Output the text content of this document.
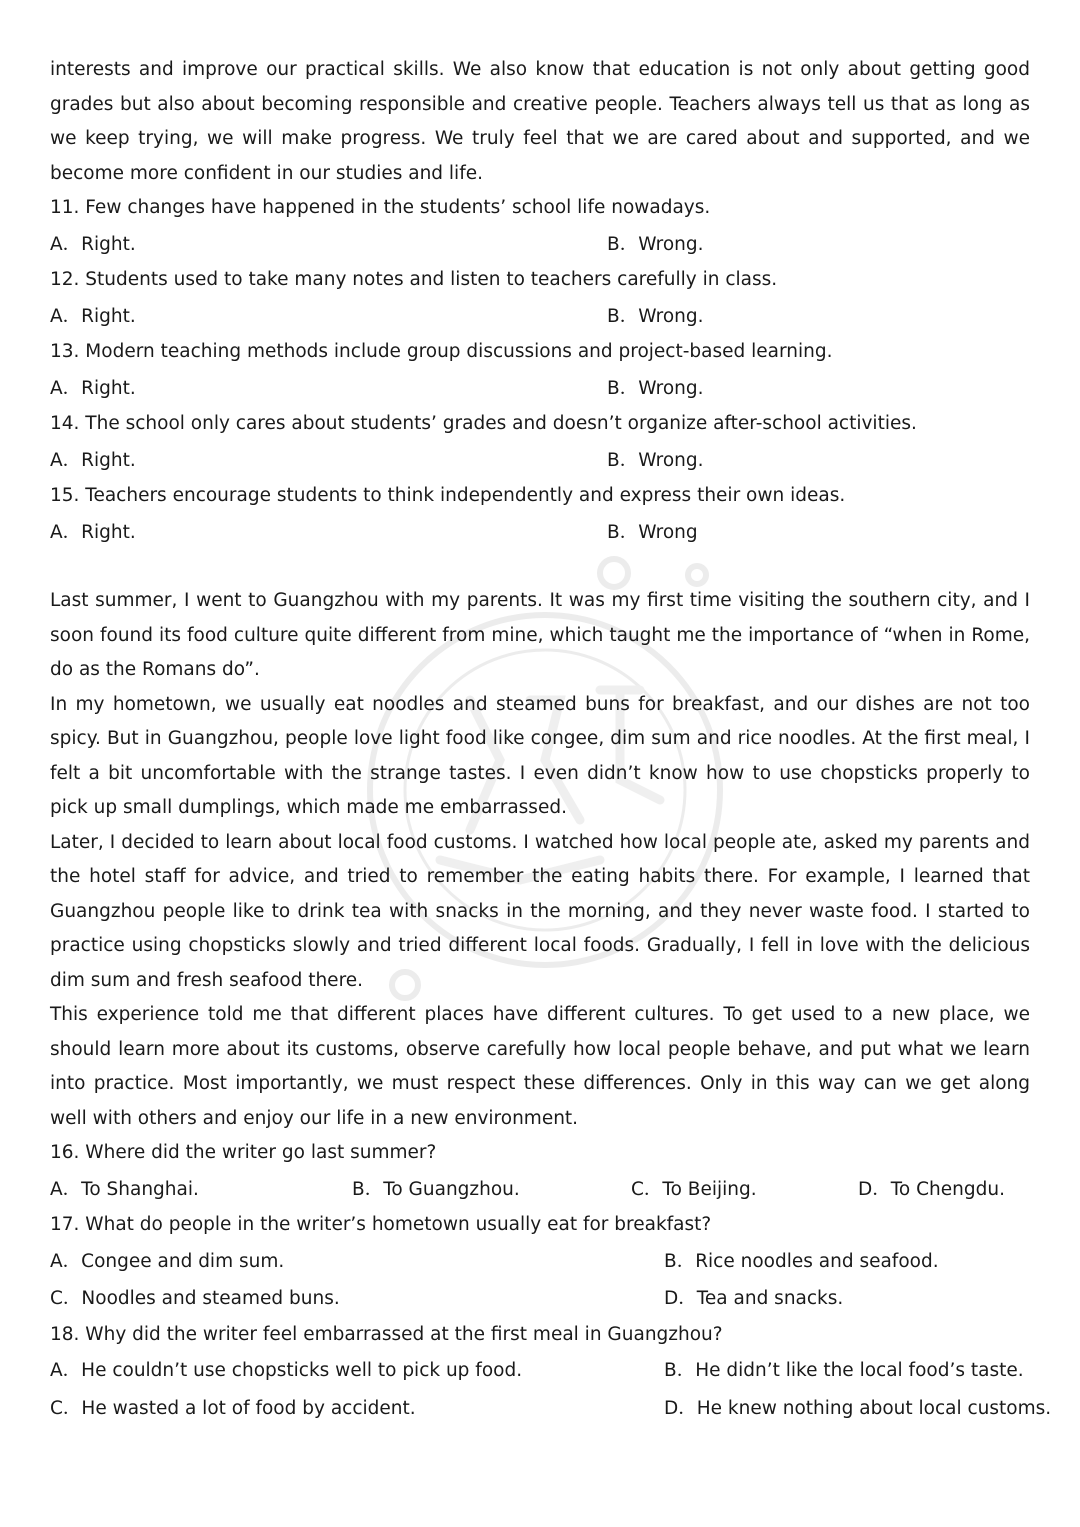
interests and improve our practical skills. We also know that education is not only about getting good grades but also about becoming responsible and creative people. Teachers always tell us that as long as we keep trying, we will make progress. We truly feel that we are cared about and supported, and we become more confident in our studies and life.

11. Few changes have happened in the students’ school life nowadays.

A．Right.	B．Wrong.

12. Students used to take many notes and listen to teachers carefully in class.

A．Right.	B．Wrong.

13. Modern teaching methods include group discussions and project-based learning.

A．Right.	B．Wrong.

14. The school only cares about students’ grades and doesn’t organize after-school activities.

A．Right.	B．Wrong.

15. Teachers encourage students to think independently and express their own ideas.

A．Right.	B．Wrong

Last summer, I went to Guangzhou with my parents. It was my first time visiting the southern city, and I soon found its food culture quite different from mine, which taught me the importance of “when in Rome, do as the Romans do”.

In my hometown, we usually eat noodles and steamed buns for breakfast, and our dishes are not too spicy. But in Guangzhou, people love light food like congee, dim sum and rice noodles. At the first meal, I felt a bit uncomfortable with the strange tastes. I even didn’t know how to use chopsticks properly to pick up small dumplings, which made me embarrassed.

Later, I decided to learn about local food customs. I watched how local people ate, asked my parents and the hotel staff for advice, and tried to remember the eating habits there. For example, I learned that Guangzhou people like to drink tea with snacks in the morning, and they never waste food. I started to practice using chopsticks slowly and tried different local foods. Gradually, I fell in love with the delicious dim sum and fresh seafood there.

This experience told me that different places have different cultures. To get used to a new place, we should learn more about its customs, observe carefully how local people behave, and put what we learn into practice. Most importantly, we must respect these differences. Only in this way can we get along well with others and enjoy our life in a new environment.

16. Where did the writer go last summer?

A．To Shanghai.	B．To Guangzhou.	C．To Beijing.	D．To Chengdu.

17. What do people in the writer’s hometown usually eat for breakfast?

A．Congee and dim sum.	B．Rice noodles and seafood.
C．Noodles and steamed buns.	D．Tea and snacks.

18. Why did the writer feel embarrassed at the first meal in Guangzhou?

A．He couldn’t use chopsticks well to pick up food.	B．He didn’t like the local food’s taste.
C．He wasted a lot of food by accident.	D．He knew nothing about local customs.
